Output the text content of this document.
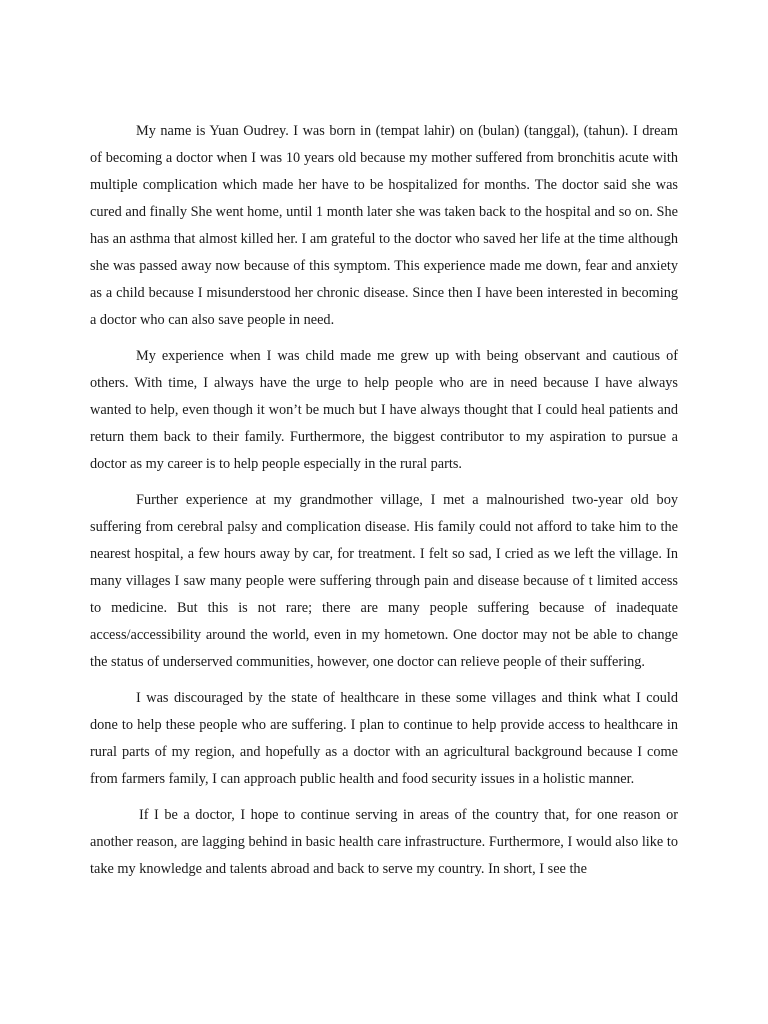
My name is Yuan Oudrey. I was born in (tempat lahir) on (bulan) (tanggal), (tahun). I dream of becoming a doctor when I was 10 years old because my mother suffered from bronchitis acute with multiple complication which made her have to be hospitalized for months. The doctor said she was cured and finally She went home, until 1 month later she was taken back to the hospital and so on. She has an asthma that almost killed her. I am grateful to the doctor who saved her life at the time although she was passed away now because of this symptom. This experience made me down, fear and anxiety as a child because I misunderstood her chronic disease. Since then I have been interested in becoming a doctor who can also save people in need.

My experience when I was child made me grew up with being observant and cautious of others. With time, I always have the urge to help people who are in need because I have always wanted to help, even though it won’t be much but I have always thought that I could heal patients and return them back to their family. Furthermore, the biggest contributor to my aspiration to pursue a doctor as my career is to help people especially in the rural parts.

Further experience at my grandmother village, I met a malnourished two-year old boy suffering from cerebral palsy and complication disease. His family could not afford to take him to the nearest hospital, a few hours away by car, for treatment. I felt so sad, I cried as we left the village. In many villages I saw many people were suffering through pain and disease because of t limited access to medicine. But this is not rare; there are many people suffering because of inadequate access/accessibility around the world, even in my hometown. One doctor may not be able to change the status of underserved communities, however, one doctor can relieve people of their suffering.

I was discouraged by the state of healthcare in these some villages and think what I could done to help these people who are suffering. I plan to continue to help provide access to healthcare in rural parts of my region, and hopefully as a doctor with an agricultural background because I come from farmers family, I can approach public health and food security issues in a holistic manner.

If I be a doctor, I hope to continue serving in areas of the country that, for one reason or another reason, are lagging behind in basic health care infrastructure. Furthermore, I would also like to take my knowledge and talents abroad and back to serve my country. In short, I see the
